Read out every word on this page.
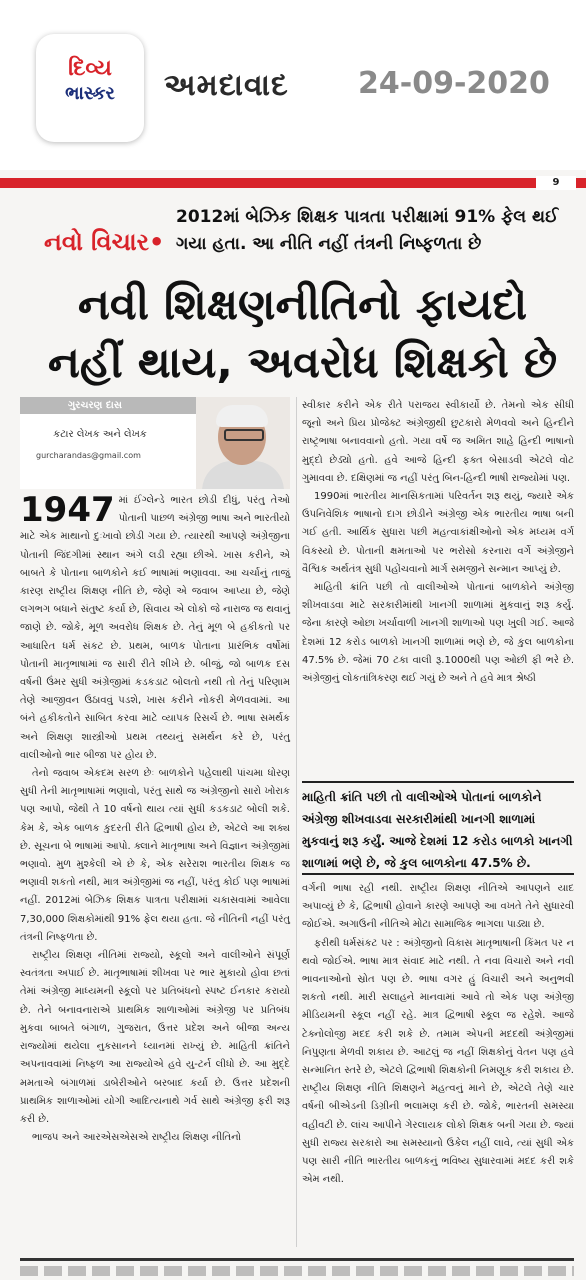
દિવ્ય
ભાસ્કર	અમદાવાદ 24-09-2020
9
નવો વિચાર•
2012માં બેઝિક શિક્ષક પાત્રતા પરીક્ષામાં 91% ફેલ થઈ ગયા હતા. આ નીતિ નહીં તંત્રની નિષ્ફળતા છે
નવી શિક્ષણનીતિનો ફાયદો
નહીં થાય, અવરોધ શિક્ષકો છે
ગુરચરણ દાસ
કટાર લેખક અને લેખક
gurcharandas@gmail.com

1947 માં ઈંગ્લેન્ડે ભારત છોડી દીધું, પરંતુ તેઓ પોતાની પાછળ અંગ્રેજી ભાષા અને ભારતીયો માટે એક માથાનો દુઃખાવો છોડી ગયા છે. ત્યારથી આપણે અંગ્રેજીના પોતાની જિંદગીમાં સ્થાન અંગે લડી રહ્યા છીએ. ખાસ કરીને, એ બાબતે કે પોતાના બાળકોને કઈ ભાષામાં ભણાવવા. આ ચર્ચાનું તાજું કારણ રાષ્ટ્રીય શિક્ષણ નીતિ છે, જેણે એ જવાબ આપ્યા છે, જેણે લગભગ બધાને સંતુષ્ટ કર્યા છે, સિવાય એ લોકો જે નારાજ જ થવાનું જાણે છે. જોકે, મૂળ અવરોધ શિક્ષક છે. તેનું મૂળ બે હકીકતો પર આધારિત ધર્મ સંકટ છે. પ્રથમ, બાળક પોતાના પ્રારંભિક વર્ષોમાં પોતાની માતૃભાષામાં જ સારી રીતે શીખે છે. બીજું, જો બાળક દસ વર્ષની ઉંમર સુધી અંગ્રેજીમાં કડકડાટ બોલતો નથી તો તેનું પરિણામ તેણે આજીવન ઉઠાવવું પડશે, ખાસ કરીને નોકરી મેળવવામાં. આ બંને હકીકતોને સાબિત કરવા માટે વ્યાપક રિસર્ચ છે. ભાષા સમર્થક અને શિક્ષણ શાસ્ત્રીઓ પ્રથમ તથ્યનું સમર્થન કરે છે, પરંતુ વાલીઓનો ભાર બીજા પર હોય છે.

તેનો જવાબ એકદમ સરળ છેઃ બાળકોને પહેલાથી પાંચમા ધોરણ સુધી તેની માતૃભાષામાં ભણાવો, પરંતુ સાથે જ અંગ્રેજીનો સારો ખોરાક પણ આપો, જેથી તે 10 વર્ષનો થાય ત્યાં સુધી કડકડાટ બોલી શકે. કેમ કે, એક બાળક કુદરતી રીતે દ્વિભાષી હોય છે, એટલે આ શક્ય છે. સૂચના બે ભાષામાં આપો. ક્લાને માતૃભાષા અને વિજ્ઞાન અંગ્રેજીમાં ભણાવો. મુળ મુશ્કેલી એ છે કે, એક સરેરાશ ભારતીય શિક્ષક જ ભણાવી શકતો નથી, માત્ર અંગ્રેજીમાં જ નહીં, પરંતુ કોઈ પણ ભાષામાં નહીં. 2012માં બેઝિક શિક્ષક પાત્રતા પરીક્ષામાં ચકાસવામાં આવેલા 7,30,000 શિક્ષકોમાંથી 91% ફેલ થયા હતા. જે નીતિની નહીં પરંતુ તંત્રની નિષ્ફળતા છે.

રાષ્ટ્રીય શિક્ષણ નીતિમાં રાજ્યો, સ્કૂલો અને વાલીઓને સંપૂર્ણ સ્વતંત્રતા અપાઈ છે. માતૃભાષામાં શીખવા પર ભાર મુકાયો હોવા છતાં તેમાં અંગ્રેજી માધ્યમની સ્કૂલો પર પ્રતિબંધનો સ્પષ્ટ ઈનકાર કરાયો છે. તેને બનાવનારાએ પ્રાથમિક શાળાઓમાં અંગ્રેજી પર પ્રતિબંધ મુકવા બાબતે બંગાળ, ગુજરાત, ઉત્તર પ્રદેશ અને બીજા અન્ય રાજ્યોમાં થયેલા નુકસાનને ધ્યાનમાં રાખ્યું છે. માહિતી ક્રાંતિને અપનાવવામાં નિષ્ફળ આ રાજ્યોએ હવે યુ-ટર્ન લીધો છે. આ મુદ્દે મમતાએ બંગાળમાં ડાબેરીઓને બરબાદ કર્યા છે. ઉત્તર પ્રદેશની પ્રાથમિક શાળાઓમાં યોગી આદિત્યનાથે ગર્વ સાથે અંગ્રેજી ફરી શરૂ કરી છે.

ભાજપ અને આરએસએસએ રાષ્ટ્રીય શિક્ષણ નીતિનો

સ્વીકાર કરીને એક રીતે પરાજય સ્વીકાર્યો છે. તેમનો એક સીધી જૂનો અને પ્રિય પ્રોજેક્ટ અંગ્રેજીથી છુટકારો મેળવવો અને હિન્દીને રાષ્ટ્રભાષા બનાવવાનો હતો. ગયા વર્ષે જ અમિત શાહે હિન્દી ભાષાનો મુદ્દો છેડ્યો હતો. હવે આજે હિન્દી ફક્ત બેસાડવી એટલે વોટ ગુમાવવા છે. દક્ષિણમાં જ નહીં પરંતુ બિન-હિન્દી ભાષી રાજ્યોમાં પણ.

1990માં ભારતીય માનસિકતામાં પરિવર્તન શરૂ થયું, જ્યારે એક ઉપનિવેશિક ભાષાનો દાગ છોડીને અંગ્રેજી એક ભારતીય ભાષા બની ગઈ હતી. આર્થિક સુધારા પછી મહત્વાકાંક્ષીઓનો એક મધ્યમ વર્ગ વિકસ્યો છે. પોતાની ક્ષમતાઓ પર ભરોસો કરનારા વર્ગે અંગ્રેજીને વૈશ્વિક અર્થતંત્ર સુધી પહોંચવાનો માર્ગ સમજીને સન્માન આપ્યું છે.

માહિતી ક્રાંતિ પછી તો વાલીઓએ પોતાનાં બાળકોને અંગ્રેજી શીખવાડવા માટે સરકારીમાંથી ખાનગી શાળામાં મુકવાનું શરૂ કર્યું. જેના કારણે ઓછા ખર્ચાવાળી ખાનગી શાળાઓ પણ ખુલી ગઈ. આજે દેશમાં 12 કરોડ બાળકો ખાનગી શાળામાં ભણે છે, જે કુલ બાળકોના 47.5% છે. જેમાં 70 ટકા વાલી રૂ.1000થી પણ ઓછી ફી ભરે છે. અંગ્રેજીનું લોકતાંત્રિકરણ થઈ ગયું છે અને તે હવે માત્ર શ્રેષ્ઠી

માહિતી ક્રાંતિ પછી તો વાલીઓએ પોતાનાં બાળકોને અંગ્રેજી શીખવાડવા સરકારીમાંથી ખાનગી શાળામાં મુકવાનું શરૂ કર્યું. આજે દેશમાં 12 કરોડ બાળકો ખાનગી શાળામાં ભણે છે, જે કુલ બાળકોના 47.5% છે.

વર્ગની ભાષા રહી નથી. રાષ્ટ્રીય શિક્ષણ નીતિએ આપણને યાદ અપાવ્યું છે કે, દ્વિભાષી હોવાને કારણે આપણે આ વખતે તેને સુધારવી જોઈએ. અગાઉની નીતિએ મોટા સામાજિક ભાગલા પાડ્યા છે.

ફરીથી ધર્મસંકટ પર : અંગ્રેજીનો વિકાસ માતૃભાષાની કિંમત પર ન થવો જોઈએ. ભાષા માત્ર સંવાદ માટે નથી. તે નવા વિચારો અને નવી ભાવનાઓનો સ્રોત પણ છે. ભાષા વગર હું વિચારી અને અનુભવી શકતો નથી. મારી સલાહને માનવામાં આવે તો એક પણ અંગ્રેજી મીડિયમની સ્કૂલ નહીં રહે. માત્ર દ્વિભાષી સ્કૂલ જ રહેશે. આજે ટેક્નોલોજી મદદ કરી શકે છે. તમામ એપની મદદથી અંગ્રેજીમાં નિપુણતા મેળવી શકાય છે. આટલું જ નહીં શિક્ષકોનું વેતન પણ હવે સન્માનિત સ્તરે છે, એટલે દ્વિભાષી શિક્ષકોની નિમણૂક કરી શકાય છે. રાષ્ટ્રીય શિક્ષણ નીતિ શિક્ષણને મહત્વનું માને છે, એટલે તેણે ચાર વર્ષની બીએડની ડિગ્રીની ભલામણ કરી છે. જોકે, ભારતની સમસ્યા વહીવટી છે. લાંચ આપીને ગેરલાયક લોકો શિક્ષક બની ગયા છે. જ્યાં સુધી રાજ્ય સરકારો આ સમસ્યાનો ઉકેલ નહીં લાવે, ત્યાં સુધી એક પણ સારી નીતિ ભારતીય બાળકનું ભવિષ્ય સુધારવામાં મદદ કરી શકે એમ નથી.
